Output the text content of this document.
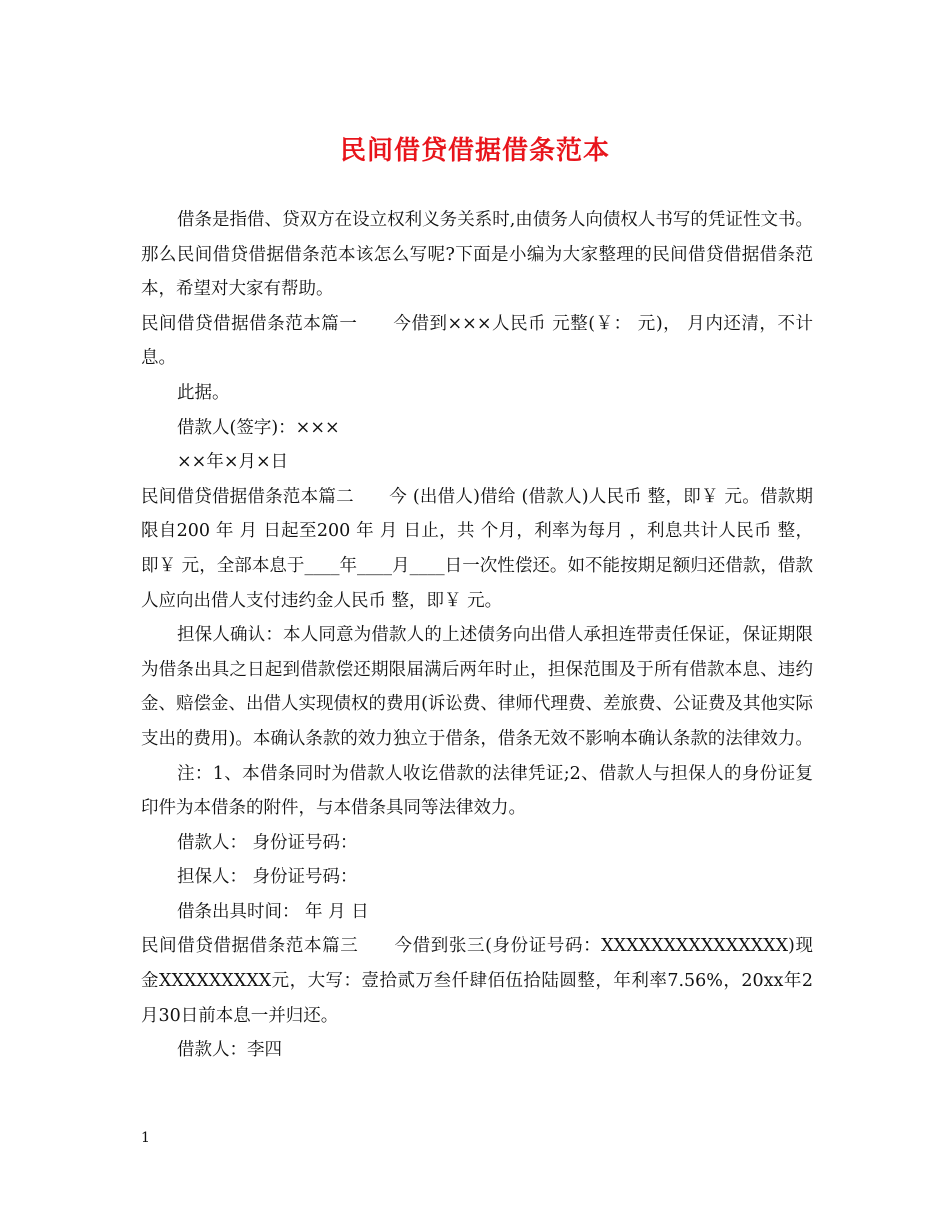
民间借贷借据借条范本

借条是指借、贷双方在设立权利义务关系时,由债务人向债权人书写的凭证性文书。那么民间借贷借据借条范本该怎么写呢?下面是小编为大家整理的民间借贷借据借条范本，希望对大家有帮助。

民间借贷借据借条范本篇一　　今借到×××人民币 元整(￥： 元)， 月内还清，不计息。

此据。

借款人(签字)：×××

××年×月×日

民间借贷借据借条范本篇二　　今 (出借人)借给 (借款人)人民币 整，即￥ 元。借款期限自200 年 月 日起至200 年 月 日止，共 个月，利率为每月 ，利息共计人民币 整，即￥ 元，全部本息于____年____月____日一次性偿还。如不能按期足额归还借款，借款人应向出借人支付违约金人民币 整，即￥ 元。

担保人确认：本人同意为借款人的上述债务向出借人承担连带责任保证，保证期限为借条出具之日起到借款偿还期限届满后两年时止，担保范围及于所有借款本息、违约金、赔偿金、出借人实现债权的费用(诉讼费、律师代理费、差旅费、公证费及其他实际支出的费用)。本确认条款的效力独立于借条，借条无效不影响本确认条款的法律效力。

注：1、本借条同时为借款人收讫借款的法律凭证;2、借款人与担保人的身份证复印件为本借条的附件，与本借条具同等法律效力。

借款人： 身份证号码：

担保人： 身份证号码：

借条出具时间： 年 月 日

民间借贷借据借条范本篇三　　今借到张三(身份证号码：XXXXXXXXXXXXXXX)现金XXXXXXXXX元，大写：壹拾贰万叁仟肆佰伍拾陆圆整，年利率7.56%，20xx年2月30日前本息一并归还。

借款人：李四

1
